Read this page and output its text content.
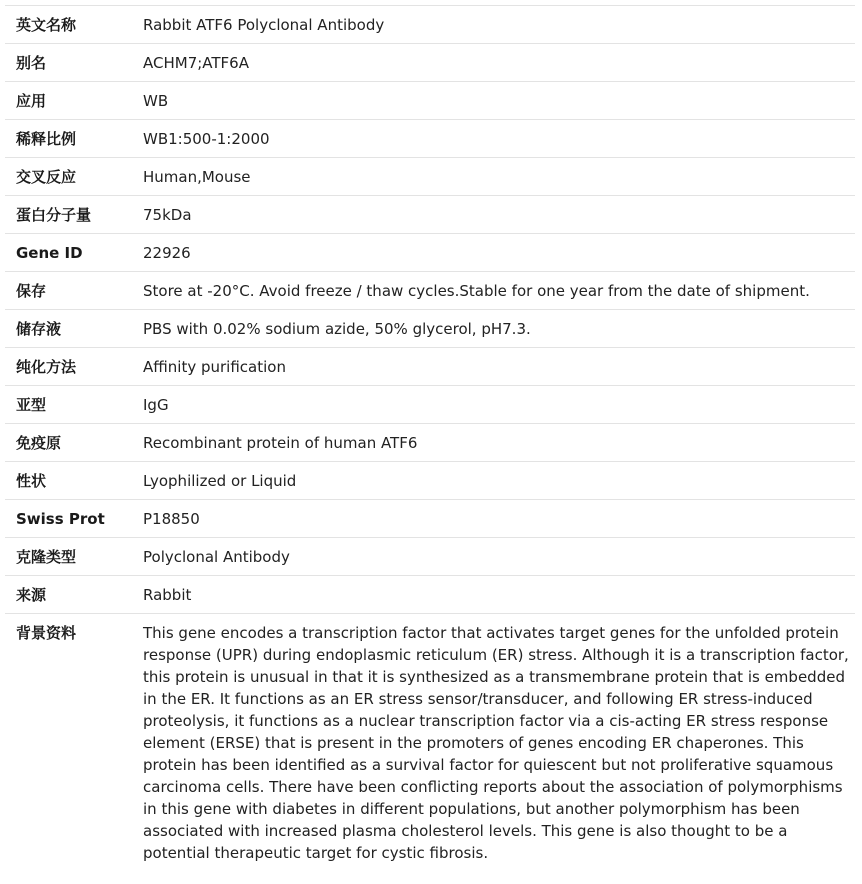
英文名称	Rabbit ATF6 Polyclonal Antibody
别名	ACHM7;ATF6A
应用	WB
稀释比例	WB1:500-1:2000
交叉反应	Human,Mouse
蛋白分子量	75kDa
Gene ID	22926
保存	Store at -20°C. Avoid freeze / thaw cycles.Stable for one year from the date of shipment.
储存液	PBS with 0.02% sodium azide, 50% glycerol, pH7.3.
纯化方法	Affinity purification
亚型	IgG
免疫原	Recombinant protein of human ATF6
性状	Lyophilized or Liquid
Swiss Prot	P18850
克隆类型	Polyclonal Antibody
来源	Rabbit
背景资料	This gene encodes a transcription factor that activates target genes for the unfolded protein response (UPR) during endoplasmic reticulum (ER) stress. Although it is a transcription factor, this protein is unusual in that it is synthesized as a transmembrane protein that is embedded in the ER. It functions as an ER stress sensor/transducer, and following ER stress-induced proteolysis, it functions as a nuclear transcription factor via a cis-acting ER stress response element (ERSE) that is present in the promoters of genes encoding ER chaperones. This protein has been identified as a survival factor for quiescent but not proliferative squamous carcinoma cells. There have been conflicting reports about the association of polymorphisms in this gene with diabetes in different populations, but another polymorphism has been associated with increased plasma cholesterol levels. This gene is also thought to be a potential therapeutic target for cystic fibrosis.
